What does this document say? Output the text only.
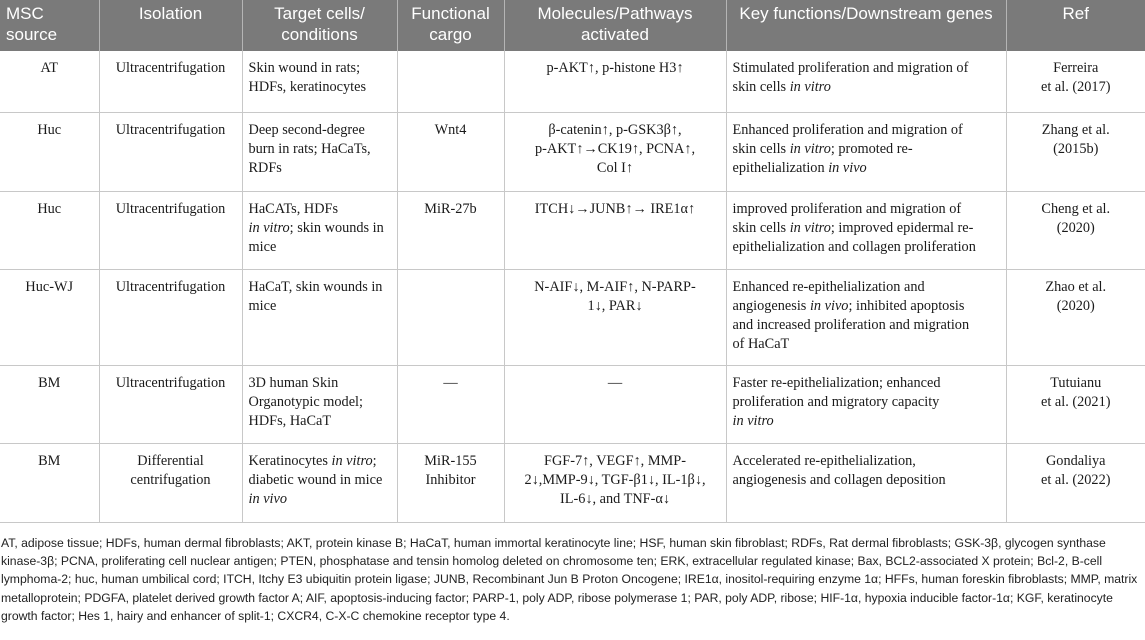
MSC source	Isolation	Target cells/ conditions	Functional cargo	Molecules/Pathways activated	Key functions/Downstream genes	Ref
AT	Ultracentrifugation	Skin wound in rats;
HDFs, keratinocytes		p-AKT↑, p-histone H3↑	Stimulated proliferation and migration of
skin cells in vitro	Ferreira
et al. (2017)
Huc	Ultracentrifugation	Deep second-degree
burn in rats; HaCaTs,
RDFs	Wnt4	β-catenin↑, p-GSK3β↑,
p-AKT↑→CK19↑, PCNA↑,
Col I↑	Enhanced proliferation and migration of
skin cells in vitro; promoted re-
epithelialization in vivo	Zhang et al.
(2015b)
Huc	Ultracentrifugation	HaCATs, HDFs
in vitro; skin wounds in
mice	MiR-27b	ITCH↓→JUNB↑→ IRE1α↑	improved proliferation and migration of
skin cells in vitro; improved epidermal re-
epithelialization and collagen proliferation	Cheng et al.
(2020)
Huc-WJ	Ultracentrifugation	HaCaT, skin wounds in
mice		N-AIF↓, M-AIF↑, N-PARP-
1↓, PAR↓	Enhanced re-epithelialization and
angiogenesis in vivo; inhibited apoptosis
and increased proliferation and migration
of HaCaT	Zhao et al.
(2020)
BM	Ultracentrifugation	3D human Skin
Organotypic model;
HDFs, HaCaT	—	—	Faster re-epithelialization; enhanced
proliferation and migratory capacity
in vitro	Tutuianu
et al. (2021)
BM	Differential
centrifugation	Keratinocytes in vitro;
diabetic wound in mice
in vivo	MiR-155
Inhibitor	FGF-7↑, VEGF↑, MMP-
2↓,MMP-9↓, TGF-β1↓, IL-1β↓,
IL-6↓, and TNF-α↓	Accelerated re-epithelialization,
angiogenesis and collagen deposition	Gondaliya
et al. (2022)

AT, adipose tissue; HDFs, human dermal fibroblasts; AKT, protein kinase B; HaCaT, human immortal keratinocyte line; HSF, human skin fibroblast; RDFs, Rat dermal fibroblasts; GSK-3β, glycogen synthase kinase-3β; PCNA, proliferating cell nuclear antigen; PTEN, phosphatase and tensin homolog deleted on chromosome ten; ERK, extracellular regulated kinase; Bax, BCL2-associated X protein; Bcl-2, B-cell lymphoma-2; huc, human umbilical cord; ITCH, Itchy E3 ubiquitin protein ligase; JUNB, Recombinant Jun B Proton Oncogene; IRE1α, inositol-requiring enzyme 1α; HFFs, human foreskin fibroblasts; MMP, matrix metalloprotein; PDGFA, platelet derived growth factor A; AIF, apoptosis-inducing factor; PARP-1, poly ADP, ribose polymerase 1; PAR, poly ADP, ribose; HIF-1α, hypoxia inducible factor-1α; KGF, keratinocyte growth factor; Hes 1, hairy and enhancer of split-1; CXCR4, C-X-C chemokine receptor type 4.
